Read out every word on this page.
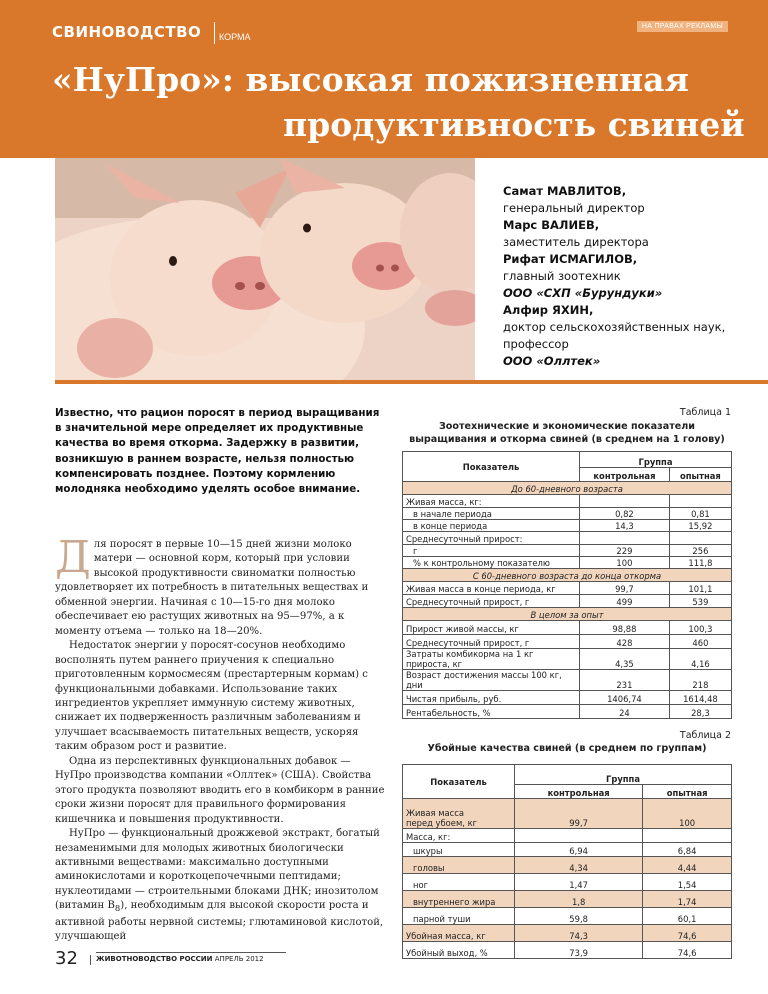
СВИНОВОДСТВО	КОРМА
НА ПРАВАХ РЕКЛАМЫ
«НуПро»: высокая пожизненная
продуктивность свиней
Самат МАВЛИТОВ,
генеральный директор
Марс ВАЛИЕВ,
заместитель директора
Рифат ИСМАГИЛОВ,
главный зоотехник
ООО «СХП «Бурундуки»
Алфир ЯХИН,
доктор сельскохозяйственных наук,
профессор
ООО «Оллтек»
Известно, что рацион поросят в период выращивания в значительной мере определяет их продуктивные качества во время откорма. Задержку в развитии, возникшую в раннем возрасте, нельзя полностью компенсировать позднее. Поэтому кормлению молодняка необходимо уделять особое внимание.

Для поросят в первые 10—15 дней жизни молоко матери — основной корм, который при условии высокой продуктивности свиноматки полностью удовлетворяет их потребность в питательных веществах и обменной энергии. Начиная с 10—15-го дня молоко обеспечивает ею растущих животных на 95—97%, а к моменту отъема — только на 18—20%.

Недостаток энергии у поросят-сосунов необходимо восполнять путем раннего приучения к специально приготовленным кормосмесям (престартерным кормам) с функциональными добавками. Использование таких ингредиентов укрепляет иммунную систему животных, снижает их подверженность различным заболеваниям и улучшает всасываемость питательных веществ, ускоряя таким образом рост и развитие.

Одна из перспективных функциональных добавок — НуПро производства компании «Оллтек» (США). Свойства этого продукта позволяют вводить его в комбикорм в ранние сроки жизни поросят для правильного формирования кишечника и повышения продуктивности.

НуПро — функциональный дрожжевой экстракт, богатый незаменимыми для молодых животных биологически активными веществами: максимально доступными аминокислотами и короткоцепочечными пептидами; нуклеотидами — строительными блоками ДНК; инозитолом (витамин $В_8$), необходимым для высокой скорости роста и активной работы нервной системы; глютаминовой кислотой, улучшающей

32	ЖИВОТНОВОДСТВО РОССИИ АПРЕЛЬ 2012
Таблица 1
Зоотехнические и экономические показатели выращивания и откорма свиней (в среднем на 1 голову)
Показатель	Группа	
	контрольная	опытная
До 60-дневного возраста		
Живая масса, кг:		
в начале периода	0,82	0,81
в конце периода	14,3	15,92
Среднесуточный прирост:		
г	229	256
% к контрольному показателю	100	111,8
С 60-дневного возраста до конца откорма		
Живая масса в конце периода, кг	99,7	101,1
Среднесуточный прирост, г	499	539
В целом за опыт		
Прирост живой массы, кг	98,88	100,3
Среднесуточный прирост, г	428	460
Затраты комбикорма на 1 кг прироста, кг	4,35	4,16
Возраст достижения массы 100 кг, дни	231	218
Чистая прибыль, руб.	1406,74	1614,48
Рентабельность, %	24	28,3
Таблица 2
Убойные качества свиней (в среднем по группам)
Показатель	Группа	
	контрольная	опытная
Живая масса
перед убоем, кг	99,7	100
Масса, кг:		
шкуры	6,94	6,84
головы	4,34	4,44
ног	1,47	1,54
внутреннего жира	1,8	1,74
парной туши	59,8	60,1
Убойная масса, кг	74,3	74,6
Убойный выход, %	73,9	74,6
